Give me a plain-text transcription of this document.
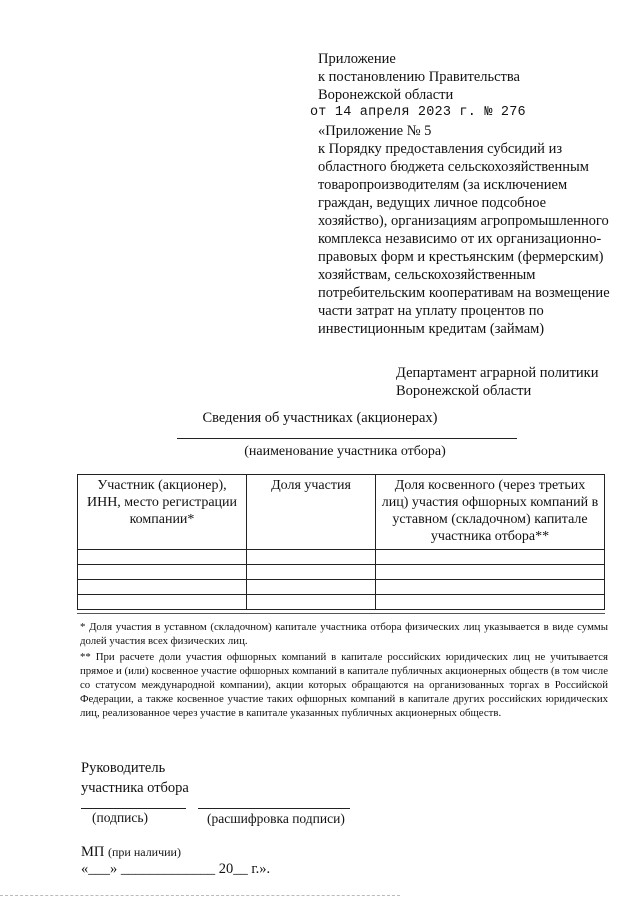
Приложение
к постановлению Правительства
Воронежской области
от 14 апреля 2023 г. № 276
«Приложение № 5
к Порядку предоставления субсидий из областного бюджета сельскохозяйственным товаропроизводителям (за исключением граждан, ведущих личное подсобное хозяйство), организациям агропромышленного комплекса независимо от их организационно-правовых форм и крестьянским (фермерским) хозяйствам, сельскохозяйственным потребительским кооперативам на возмещение части затрат на уплату процентов по инвестиционным кредитам (займам)
Департамент аграрной политики
Воронежской области
Сведения об участниках (акционерах)
(наименование участника отбора)
Участник (акционер), ИНН, место регистрации компании*	Доля участия	Доля косвенного (через третьих лиц) участия офшорных компаний в уставном (складочном) капитале участника отбора**

* Доля участия в уставном (складочном) капитале участника отбора физических лиц указывается в виде суммы долей участия всех физических лиц.

** При расчете доли участия офшорных компаний в капитале российских юридических лиц не учитывается прямое и (или) косвенное участие офшорных компаний в капитале публичных акционерных обществ (в том числе со статусом международной компании), акции которых обращаются на организованных торгах в Российской Федерации, а также косвенное участие таких офшорных компаний в капитале других российских юридических лиц, реализованное через участие в капитале указанных публичных акционерных обществ.

Руководитель
участника отбора
(подпись)	(расшифровка подписи)
МП (при наличии)
«___» _____________ 20__ г.».
